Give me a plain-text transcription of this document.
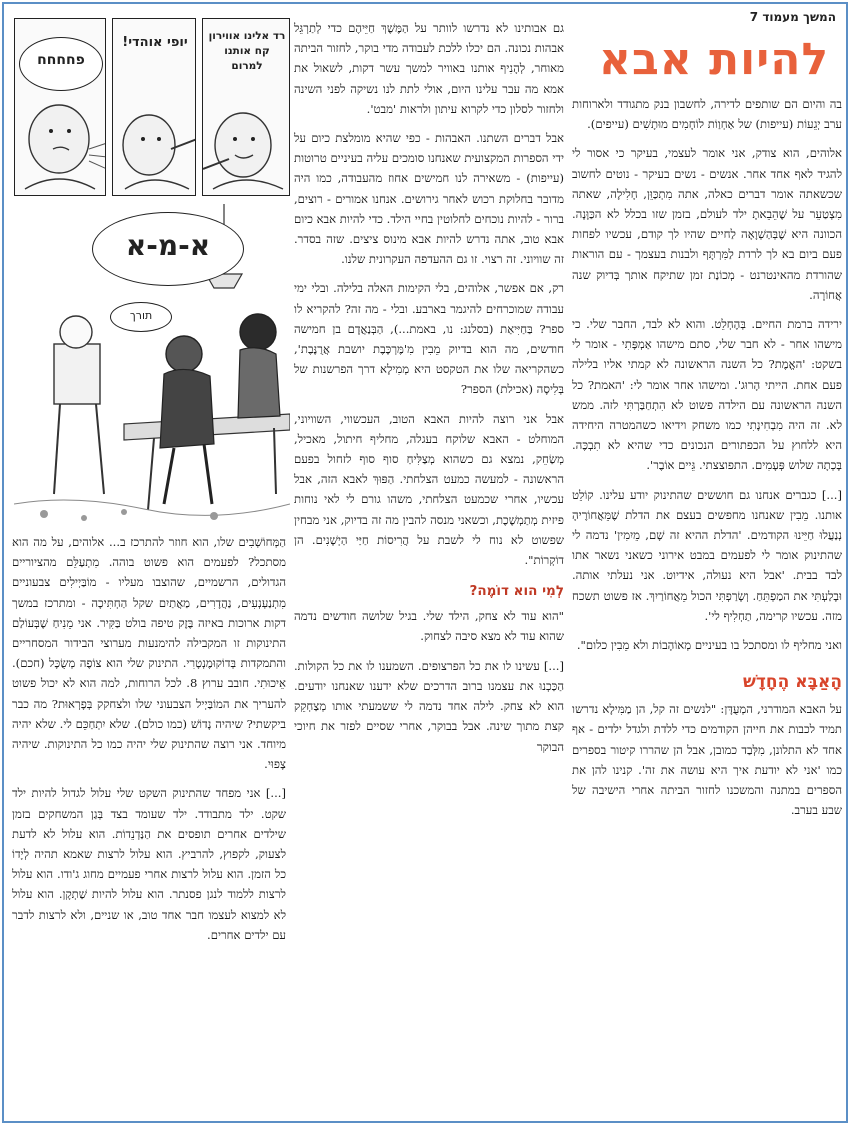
המשך מעמוד 7
להיות אבא
פחחחח
יופי אוהדי!	רד אלינו אווירון קח אותנו למרום
א-מ-א
תורך

בה והיום הם שותפים לדירה, לחשבון בנק מתגודד ולארוחות ערב יְגֵעוֹת (עייפות) של אַחְוַוֹת לוֹחָמִים מוּתָשִׁים (עייפים).

אלוהים, הוא צודק, אני אומר לעצמי, בעיקר כי אסור לי להגיד לאף אחד אחר. אנשים - נשים בעיקר - נוטים לחשוב שכשאתה אומר דברים כאלה, אתה מִתְכַּוֵּן, חָלִילָה, שאתה מִצְטַעֵר על שֶׁהֵבֵאתָ ילד לעולם, בזמן שזו בכלל לא הכַּוָּנָה. הכוונה היא שֶׁבְּהַשְׁוָאָה לַחיים שהיו לך קודם, עכשיו לפחות פעם ביום בא לך לרדת לַמִּרְתָּף ולבנות בעצמך - עם הוראות שהורדת מהאינטרנט - מְכוֹנַת זמן שתיקח אותך בְּדיוק שנה אֲחוֹרָה.

ירידה ברמת החיים. בְּהֶחְלֵט. והוא לא לבד, החבר שלי. כי מישהו אחר - לא חבר שלי, סתם מישהו אַמְפָּתִי - אומר לי בשקט: 'האֱמֶת? כל השנה הראשונה לא קמתי אליו בלילה פעם אחת. הייתי הָרוּג'. ומישהו אחר אומר לי: 'האמת? כל השנה הראשונה עם הילדה פשוט לא הִתְחַבַּרְתִּי לזה. ממש לא. זה היה מִבְחִינָתִי כמו משחק וידיאו כשהמטרה היחידה היא ללחוץ על הכפתורים הנכונים כדי שהיא לא תִבְכֶּה. בָּכְתָה שלוש פְּעָמִים. התפוצצתי. גֵּיים אוֹבֶר'.

[...] כגברים אנחנו גם חוששים שהתינוק יודע עלינו. קוֹלֵט אותנו. מֵבִין שאנחנו מחפשים בעצם את הדלת שֶׁמֵּאֲחוֹרֶיהָ נְנַעֲלוּ חַיֵּינוּ הקודמים. 'הדלת ההיא זה שָׁם, מֵיִמִין' נדמה לי שהתינוק אומר לי לפעמים במבט אירוני כשאני נשאר אתו לבד בבית. 'אבל היא נעולה, אידיוט. אני נעלתי אותה. וּבָלַעְתִּי את המַפְתֵּחַ. וְשָׂרַפְתִּי הכול מֵאֲחוֹרַיִךְ. אז פשוט תשכח מזה. עכשיו קרימה, תַחְלִיף לי'.

ואני מחליף לו ומסתכל בו בעיניים מְאוֹהָבוֹת ולא מֵבִין כלום".

הָאַבָּא הֶחָדָשׁ

על האבא המודרני, המְעֻדָּן: "לנשים זה קל, הן מַמִּילָא נדרשו תמיד לכבות את חייהן הקודמים כדי ללדת ולגדל ילדים - אף אחד לא התלונן, מִלְּבַד כמובן, אבל הן שהררו קיטור בספרים כמו 'אני לא יודעת איך היא עושה את זה'. קנינו להן את הספרים במתנה והמשכנו לחזור הביתה אחרי הישיבה של שבע בערב.

גם אבותינו לא נדרשו לוותר על הַמֶּשֶׁךְ חַיֵּיהֶם כדי לְתַרְגֵּל אבהות נכונה. הם יכלו ללכת לעבודה מדי בוקר, לחזור הביתה מאוחר, לְהָנִיף אותנו באוויר למשך עשר דקות, לשאול את אמא מה עבר עלינו היום, אולי לתת לנו נשיקה לפני השינה ולחזור לסלון כדי לקרוא עיתון ולראות 'מבט'.

אבל דברים השתנו. האבהות - כפי שהיא מומלצת כיום על ידי הספרות המקצועית שאנחנו סומכים עליה בעיניים טרוטות (עייפות) - משאירה לנו חמישים אחוז מהעבודה, כמו היה מדובר בחלוקת רכוש לאחר גירושים. אנחנו אמורים - רוצים, ברור - להיות נוכחים לחלוטין בחיי הילד. כדי להיות אבא כיום אבא טוב, אתה נדרש להיות אבא מינוס ציצים. שזה בסדר. זה שוויוני. זה רצוי. זו גם ההעדפה העקרונית שלנו.

רק, אם אפשר, אלוהים, בלי הקימות האלה בלילה. ובלי ימי עבודה שמוכרחים להיגמר בארבע. ובלי - מה זה? להקריא לו ספר? בַּחַיִּיאַת (בסלנג: נו, באמת...), הַבְּנַאֲדָם בן חמישה חודשים, מה הוא בדיוק מֵבִין מִ'מֶּרְכֶּבֶת יושבת אֲרֻנֶּבֶת', כשהקריאה שלו את הטקסט היא מְמִילָא דרך הפרשנות של בְּלִיסָה (אכילת) הספר?

אבל אני רוצה להיות האבא הטוב, העכשווי, השוויוני, המוחלט - האבא שלוקח בעגלה, מחליף חיתול, מאכיל, מְשַׂחֵק, נמצא גם כשהוא מְצַלִּיחַ סוף סוף לזחול בפעם הראשונה - למעשה כמעט הצלחתי. הַפּוּךְ לאבא הזה, אבל עכשיו, אחרי שכמעט הצלחתי, משהו גורם לי לאי נוחות פיזית מְתַמְשֶׁכֶת, וכשאני מנסה להבין מה זה בדיוק, אני מבחין שפשוט לא נוח לי לשבת על הֲרִיסוֹת חַיַּי הַיְשָׁנִים. הן דוֹקְרוֹת".

לְמִי הוא דוֹמֶה?

"הוא עוד לא צחק, הילד שלי. בגיל שלושה חודשים נדמה שהוא עוד לא מצא סיבה לצחוק.

[...] עשינו לו את כל הפרצופים. השמענו לו את כל הקולות. הַכַּכְנוּ את עצמנו ברוב הדרכים שלא ידענו שאנחנו יודעים. הוא לא צחק. לילה אחד נדמה לי ששמעתי אותו מְצַחְקֵק קצת מתוך שינה. אבל בבוקר, אחרי שסיים לפזר את חיוכי הבוקר

הַמְּחוֹשְׁבִים שלו, הוא חוזר להתרכז ב... אלוהים, על מה הוא מסתכל? לפעמים הוא פשוט בוהה. מִתְעַלֵּם מהציוריים הגדולים, הרשמיים, שהוצבו מעליו - מוֹבַּיְילִים צבעוניים מִתְנַעְנְעִים, נַהֲדָרִים, מַאֲתַיִם שקל הַחְתִּיכָה - ומתרכז במשך דקות ארוכות באיזה בֶּזֶק טיפה בולט בַּקִּיר. אני מֵנִיחַ שֶׁבְּעוֹלַם התינוקות זו המקבילה להימנעות מערוצי הבידור המסחריים והתמקדות בְּדוֹקוּמֶנְטָרִי. התינוק שלי הוא צוֹפֶה מְשֻׂכָּל (חכם). אֵיכוּתִי. חובב ערוץ 8. לכל הרוחות, למה הוא לא יכול פשוט להעריך את המוֹבַּיְיל הצבעוני שלו ולצחקק בְּפָרְאוּת? מה כבר ביקשתי? שיהיה נָדוֹשׁ (כמו כולם). שלא יִתְחַכֵּם לי. שלא יהיה מיוחד. אני רוצה שהתינוק שלי יהיה כמו כל התינוקות. שיהיה צָפוּי.

[...] אני מפחד שהתינוק השקט שלי עלול לגדול להיות ילד שקט. ילד מתבודד. ילד שעומד בצד בְּגַן המשחקים בזמן שילדים אחרים תופסים את הַנַּדְנֵדוֹת. הוא עלול לא לדעת לצעוק, לקפוץ, להרביץ. הוא עלול לרצות שאמא תהיה לְיָדוֹ כל הזמן. הוא עלול לרצות אחרי פעמיים מחוג ג'ודו. הוא עלול לרצות ללמוד לנגן פסנתר. הוא עלול להיות שַׁתְקָן. הוא עלול לא למצוא לעצמו חבר אחד טוב, או שניים, ולא לרצות לדבר עם ילדים אחרים.
